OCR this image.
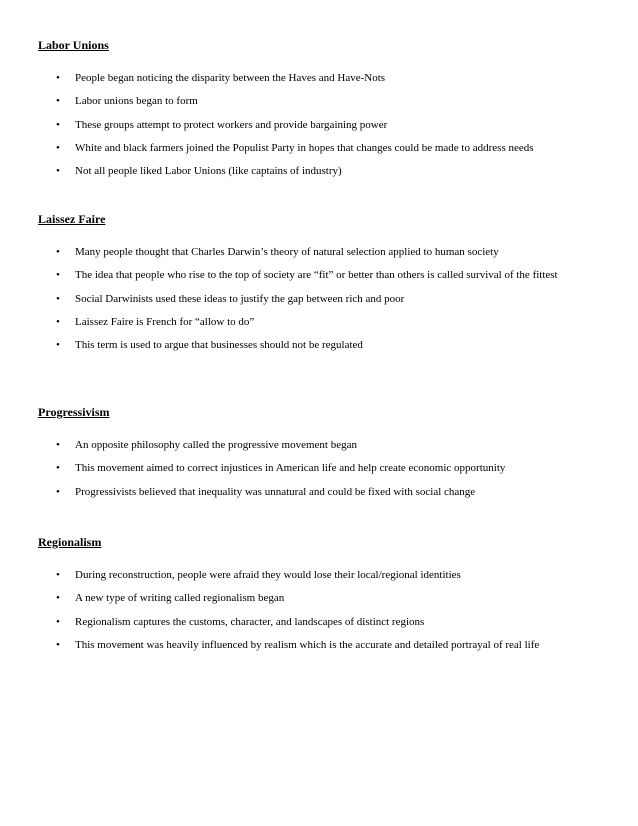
Labor Unions

• People began noticing the disparity between the Haves and Have-Nots
• Labor unions began to form
• These groups attempt to protect workers and provide bargaining power
• White and black farmers joined the Populist Party in hopes that changes could be made to address needs
• Not all people liked Labor Unions (like captains of industry)

Laissez Faire

• Many people thought that Charles Darwin’s theory of natural selection applied to human society
• The idea that people who rise to the top of society are “fit” or better than others is called survival of the fittest
• Social Darwinists used these ideas to justify the gap between rich and poor
• Laissez Faire is French for “allow to do”
• This term is used to argue that businesses should not be regulated

Progressivism

• An opposite philosophy called the progressive movement began
• This movement aimed to correct injustices in American life and help create economic opportunity
• Progressivists believed that inequality was unnatural and could be fixed with social change

Regionalism

• During reconstruction, people were afraid they would lose their local/regional identities
• A new type of writing called regionalism began
• Regionalism captures the customs, character, and landscapes of distinct regions
• This movement was heavily influenced by realism which is the accurate and detailed portrayal of real life
